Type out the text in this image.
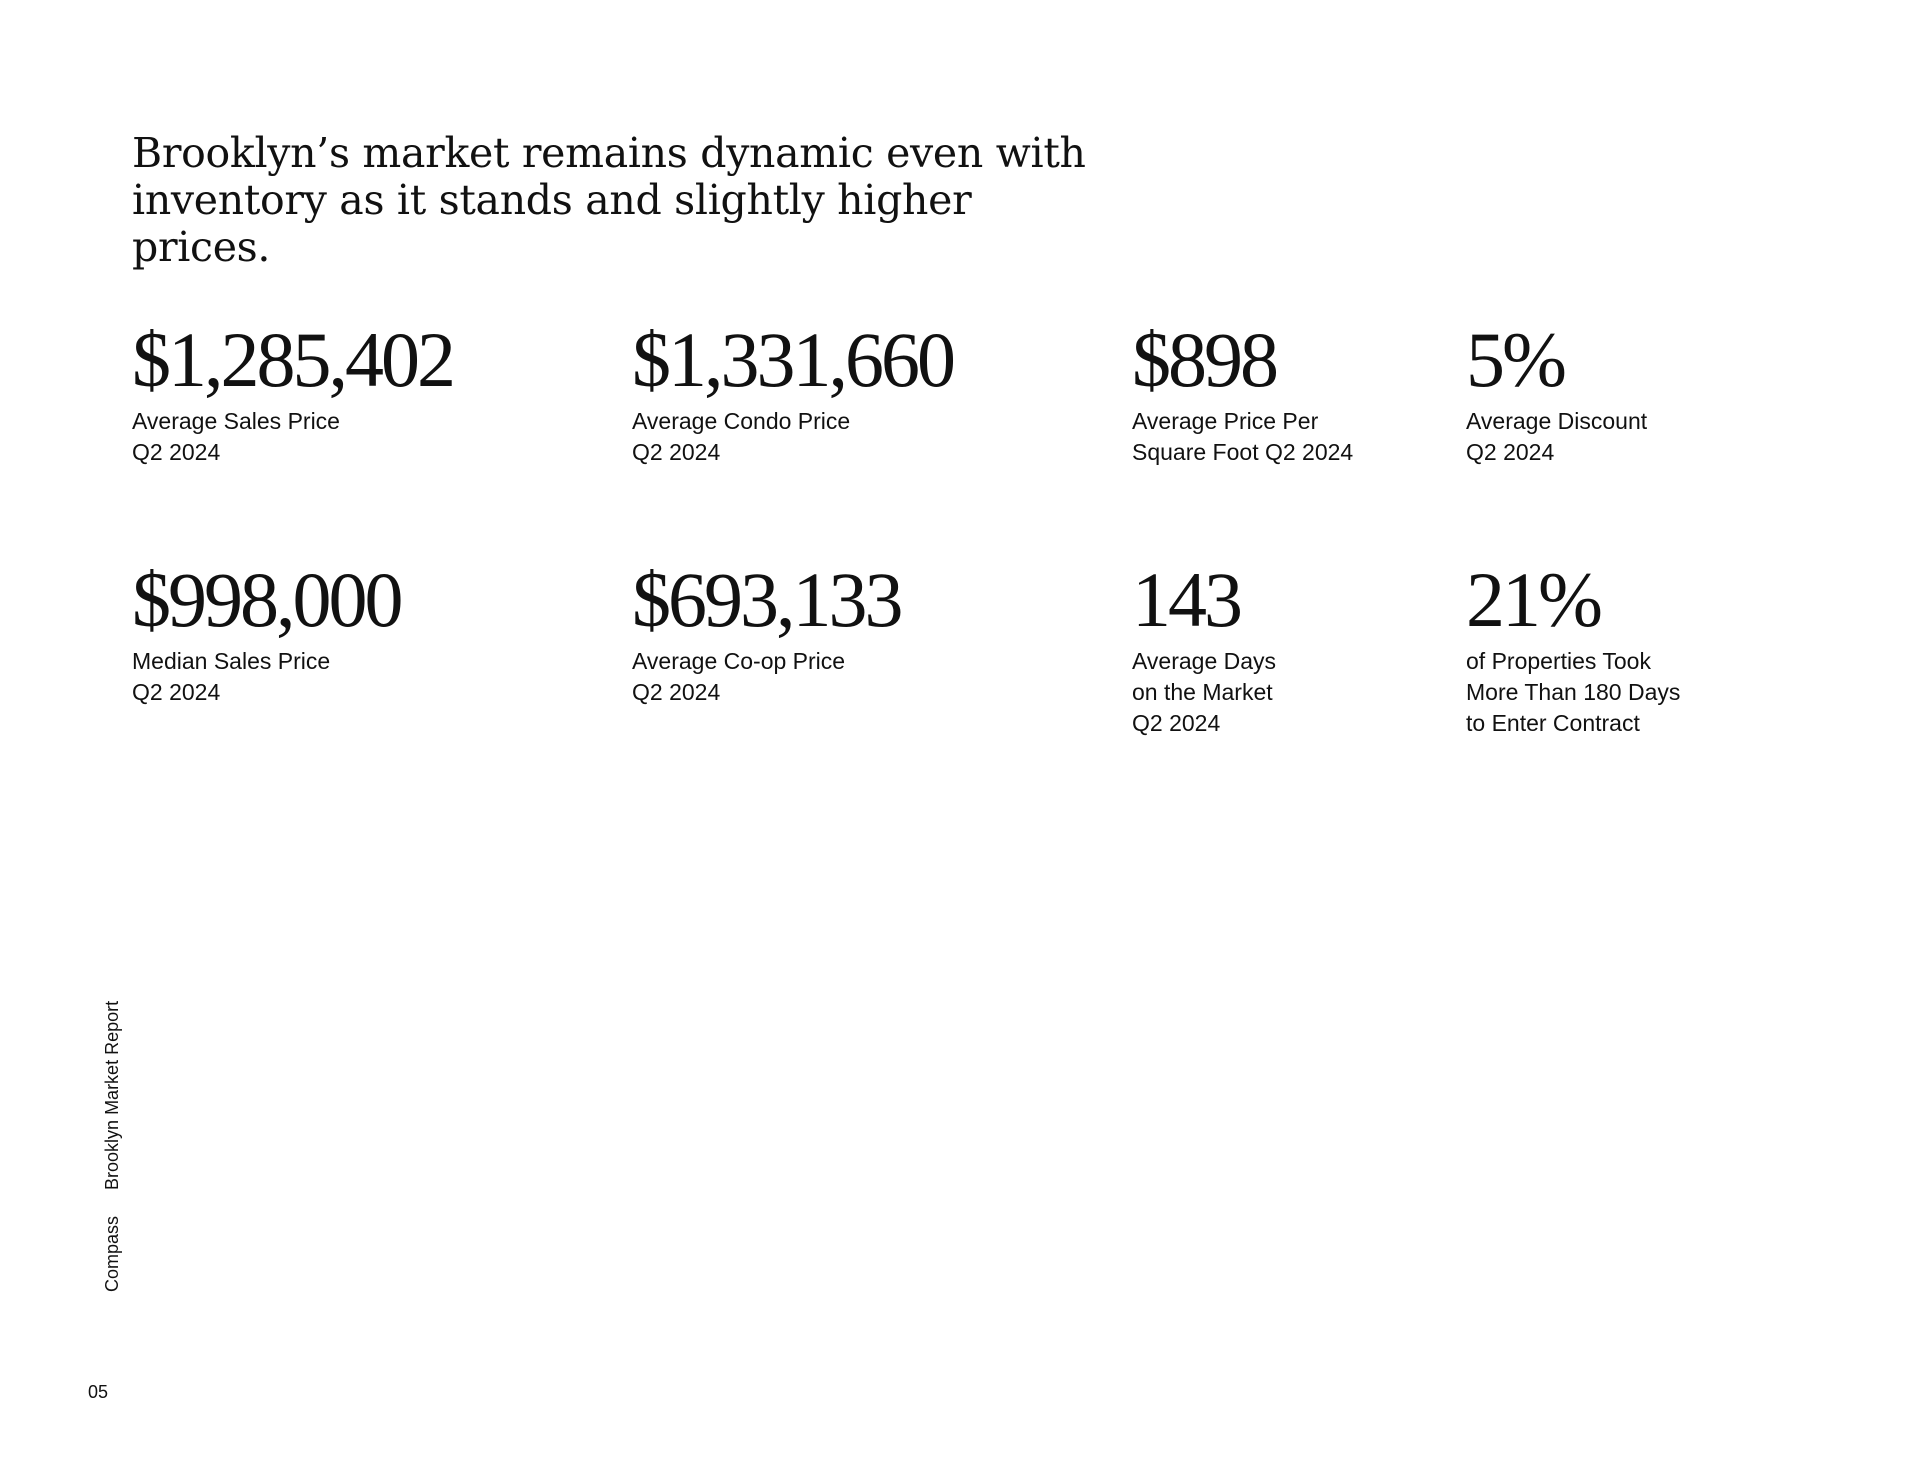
Brooklyn’s market remains dynamic even with inventory as it stands and slightly higher prices.
$1,285,402
Average Sales Price
Q2 2024
$1,331,660
Average Condo Price
Q2 2024
$898
Average Price Per
Square Foot Q2 2024
5%
Average Discount
Q2 2024
$998,000
Median Sales Price
Q2 2024
$693,133
Average Co-op Price
Q2 2024
143
Average Days
on the Market
Q2 2024
21%
of Properties Took
More Than 180 Days
to Enter Contract
CompassBrooklyn Market Report
05
